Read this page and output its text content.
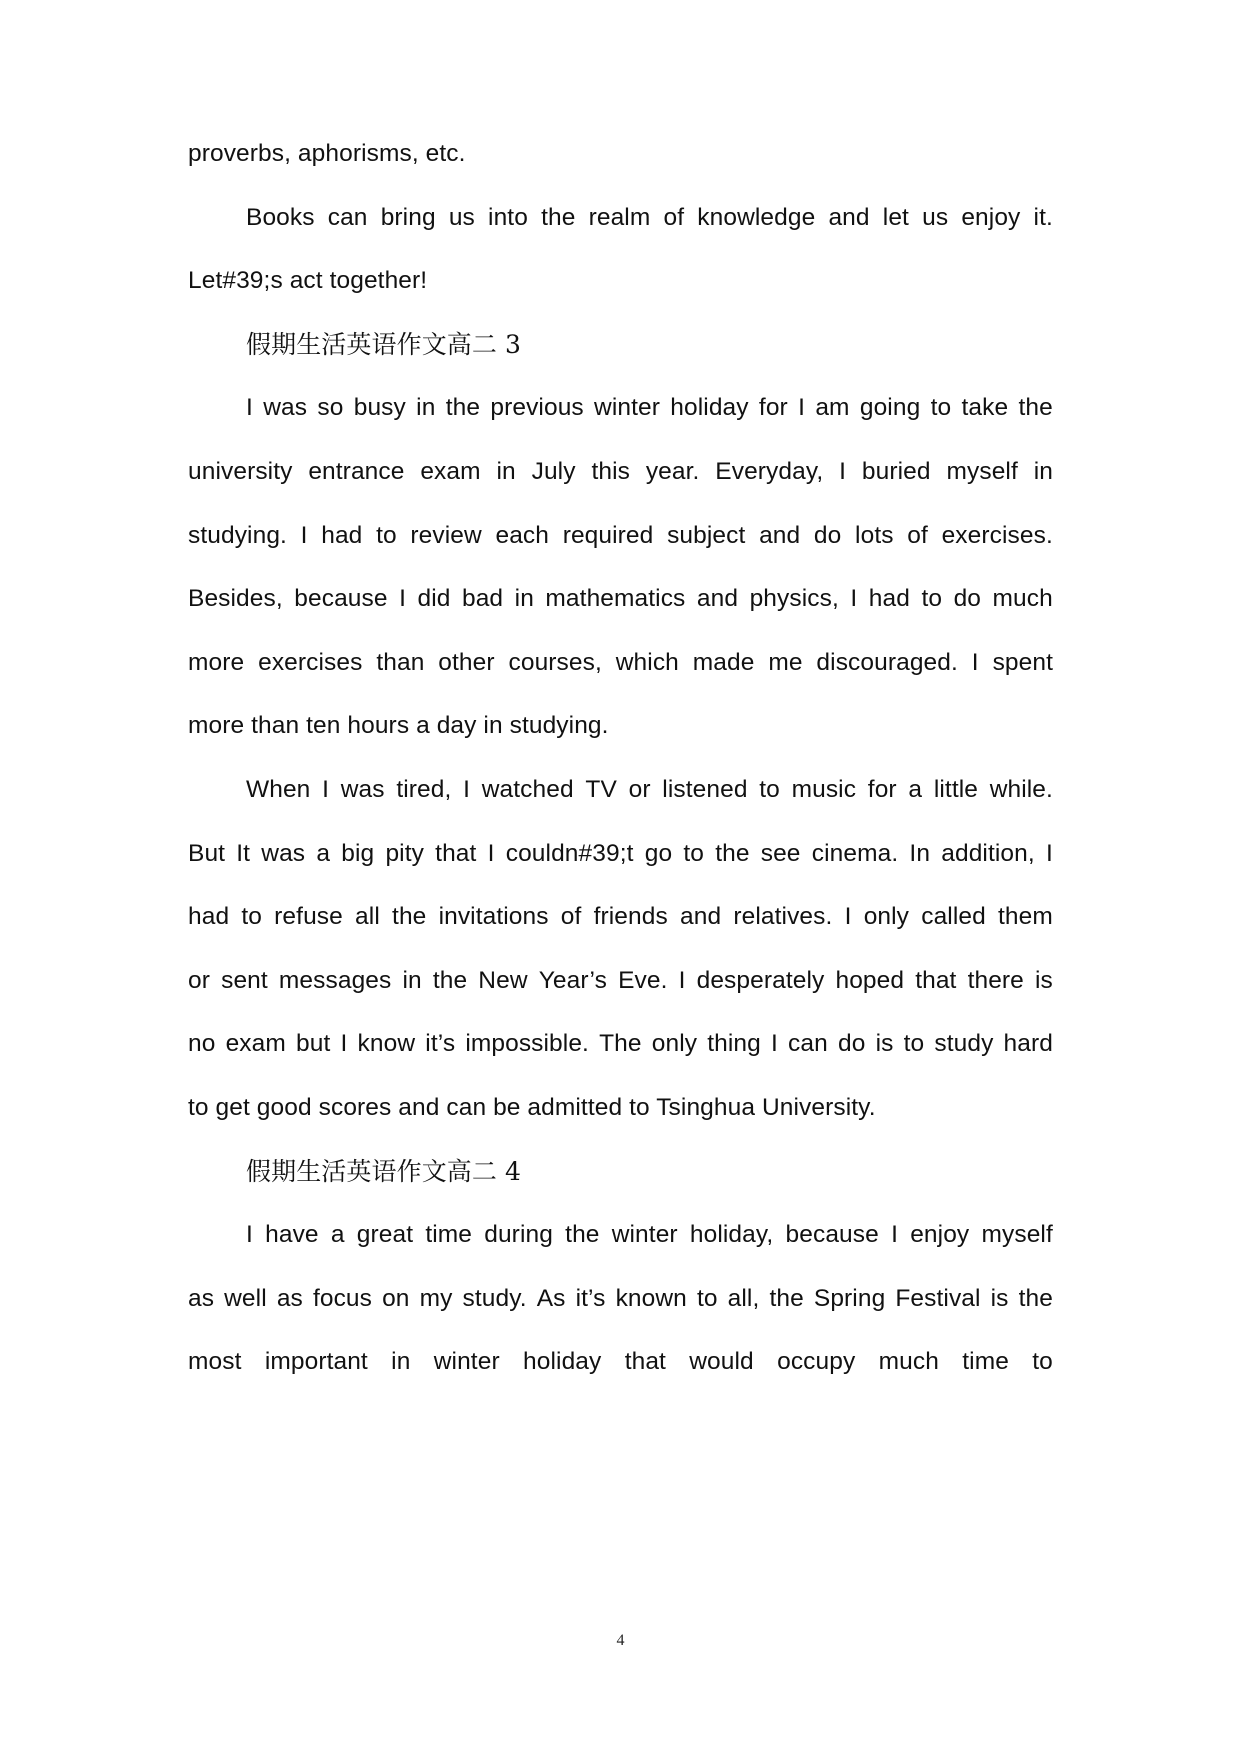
proverbs, aphorisms, etc.
Books can bring us into the realm of knowledge and let us enjoy it.
Let#39;s act together!
假期生活英语作文高二 3
I was so busy in the previous winter holiday for I am going to take the
university entrance exam in July this year. Everyday, I buried myself in
studying. I had to review each required subject and do lots of exercises.
Besides, because I did bad in mathematics and physics, I had to do much
more exercises than other courses, which made me discouraged. I spent
more than ten hours a day in studying.
When I was tired, I watched TV or listened to music for a little while.
But It was a big pity that I couldn#39;t go to the see cinema. In addition, I
had to refuse all the invitations of friends and relatives. I only called them
or sent messages in the New Year’s Eve. I desperately hoped that there is
no exam but I know it’s impossible. The only thing I can do is to study hard
to get good scores and can be admitted to Tsinghua University.
假期生活英语作文高二 4
I have a great time during the winter holiday, because I enjoy myself
as well as focus on my study. As it’s known to all, the Spring Festival is the
most important in winter holiday that would occupy much time to
4
